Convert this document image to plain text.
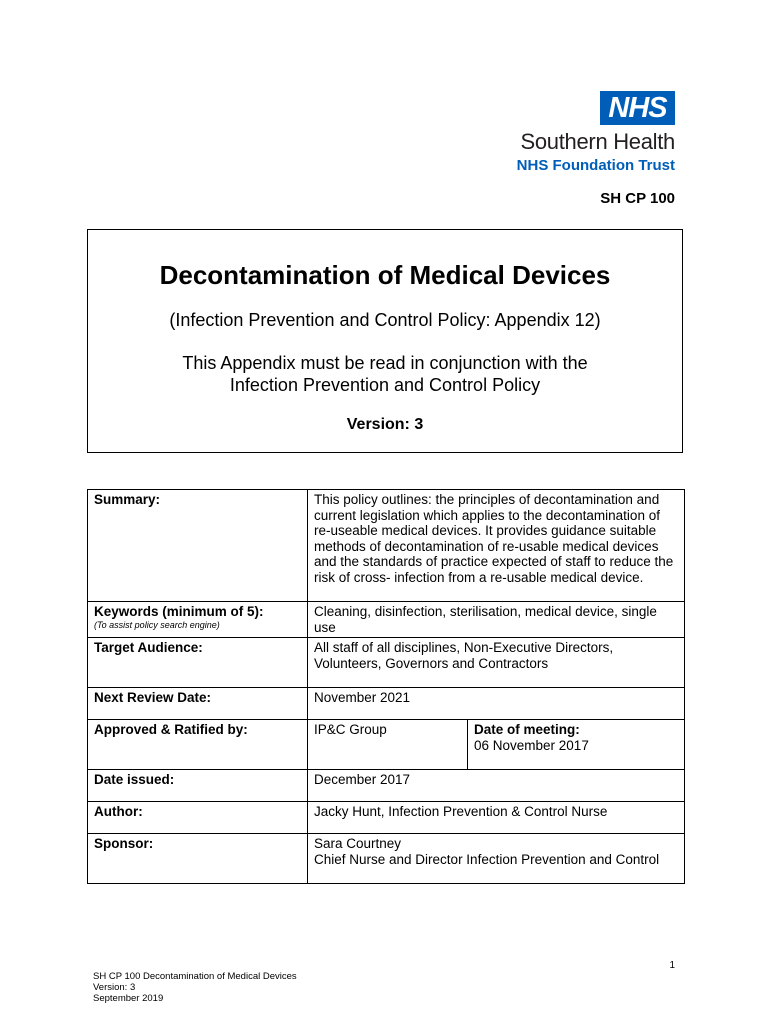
NHS
Southern Health
NHS Foundation Trust
SH CP 100
Decontamination of Medical Devices
(Infection Prevention and Control Policy: Appendix 12)
This Appendix must be read in conjunction with the
Infection Prevention and Control Policy
Version: 3
Summary:	This policy outlines: the principles of decontamination and current legislation which applies to the decontamination of re-useable medical devices. It provides guidance suitable methods of decontamination of re-usable medical devices and the standards of practice expected of staff to reduce the risk of cross- infection from a re-usable medical device.	
Keywords (minimum of 5):
(To assist policy search engine)	Cleaning, disinfection, sterilisation, medical device, single use	
Target Audience:	All staff of all disciplines, Non-Executive Directors, Volunteers, Governors and Contractors	
Next Review Date:	November 2021	
Approved & Ratified by:	IP&C Group	Date of meeting:
06 November 2017
Date issued:	December 2017	
Author:	Jacky Hunt, Infection Prevention & Control Nurse	
Sponsor:	Sara Courtney
Chief Nurse and Director Infection Prevention and Control	
1
SH CP 100 Decontamination of Medical Devices
Version: 3
September 2019
